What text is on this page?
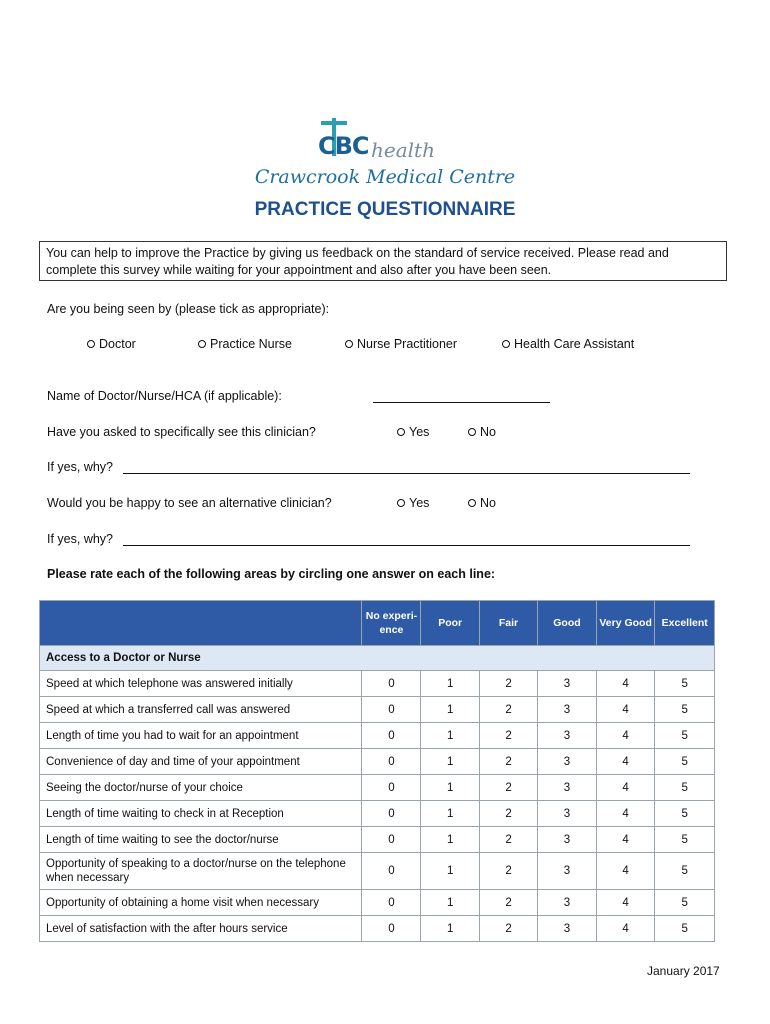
CBC health
Crawcrook Medical Centre
PRACTICE QUESTIONNAIRE
You can help to improve the Practice by giving us feedback on the standard of service received. Please read and complete this survey while waiting for your appointment and also after you have been seen.
Are you being seen by (please tick as appropriate):
Doctor	Practice Nurse	Nurse Practitioner	Health Care Assistant
Name of Doctor/Nurse/HCA (if applicable):
Have you asked to specifically see this clinician?	Yes	No
If yes, why?
Would you be happy to see an alternative clinician?	Yes	No
If yes, why?
Please rate each of the following areas by circling one answer on each line:
	No experi- ence	Poor	Fair	Good	Very Good	Excellent
Access to a Doctor or Nurse						
Speed at which telephone was answered initially	0	1	2	3	4	5
Speed at which a transferred call was answered	0	1	2	3	4	5
Length of time you had to wait for an appointment	0	1	2	3	4	5
Convenience of day and time of your appointment	0	1	2	3	4	5
Seeing the doctor/nurse of your choice	0	1	2	3	4	5
Length of time waiting to check in at Reception	0	1	2	3	4	5
Length of time waiting to see the doctor/nurse	0	1	2	3	4	5
Opportunity of speaking to a doctor/nurse on the telephone when necessary	0	1	2	3	4	5
Opportunity of obtaining a home visit when necessary	0	1	2	3	4	5
Level of satisfaction with the after hours service	0	1	2	3	4	5
January 2017
